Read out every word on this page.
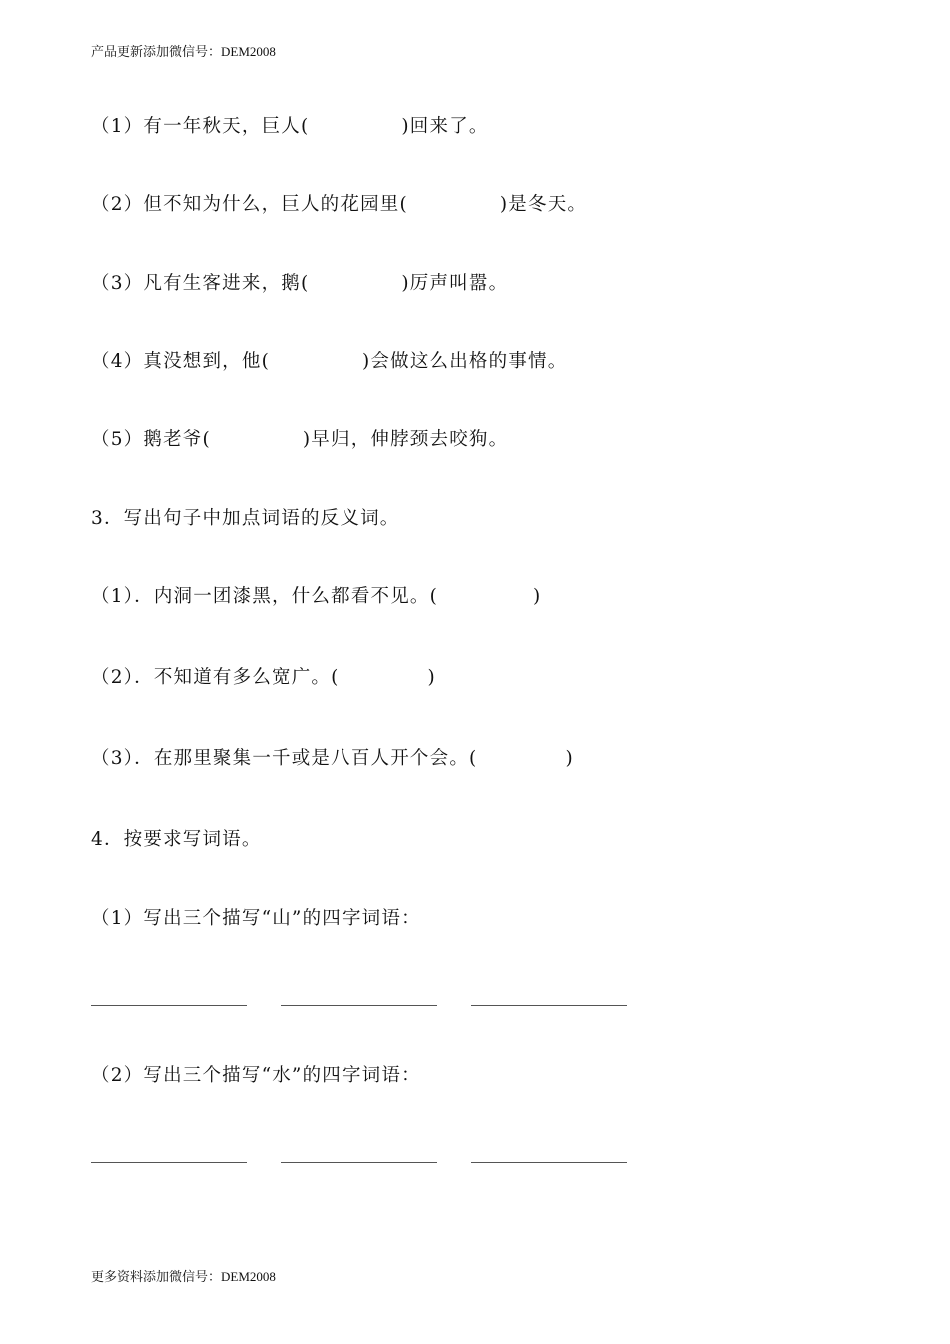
产品更新添加微信号：DEM2008
（1）有一年秋天，巨人(	)回来了。
（2）但不知为什么，巨人的花园里(	)是冬天。
（3）凡有生客进来，鹅(	)厉声叫嚣。
（4）真没想到，他(	)会做这么出格的事情。
（5）鹅老爷(	)早归，伸脖颈去咬狗。
3．写出句子中加点词语的反义词。
（1）．内洞一团漆黑，什么都看不见。(	)
（2）．不知道有多么宽广。(	)
（3）．在那里聚集一千或是八百人开个会。(	)
4．按要求写词语。
（1）写出三个描写“山”的四字词语：
（2）写出三个描写“水”的四字词语：
更多资料添加微信号：DEM2008
